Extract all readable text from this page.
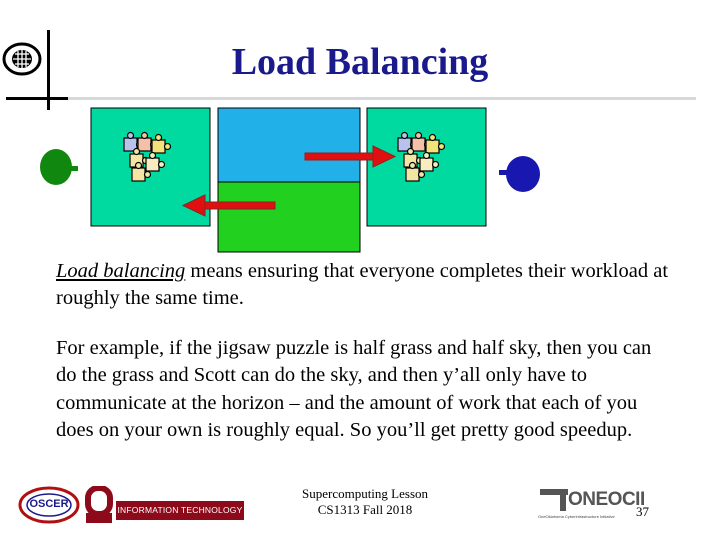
Load Balancing
Load balancing means ensuring that everyone completes their workload at roughly the same time.
For example, if the jigsaw puzzle is half grass and half sky, then you can do the grass and Scott can do the sky, and then y’all only have to communicate at the horizon – and the amount of work that each of you does on your own is roughly equal. So you’ll get pretty good speedup.
OSCER	INFORMATION TECHNOLOGY
Supercomputing Lesson
CS1313 Fall 2018	ONEOCII
OneOklahoma Cyberinfrastructure Initiative	37
